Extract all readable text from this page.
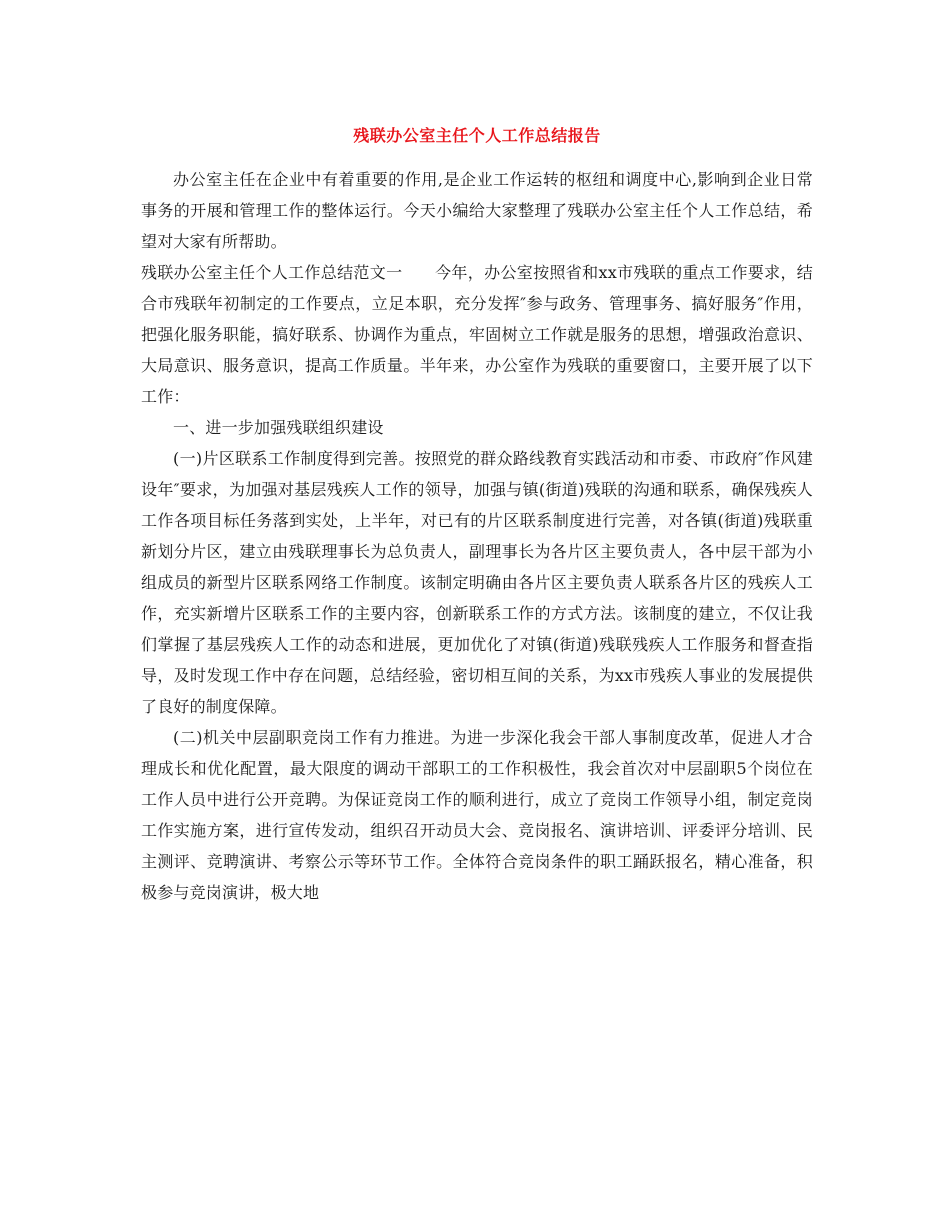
残联办公室主任个人工作总结报告

办公室主任在企业中有着重要的作用,是企业工作运转的枢纽和调度中心,影响到企业日常事务的开展和管理工作的整体运行。今天小编给大家整理了残联办公室主任个人工作总结，希望对大家有所帮助。

残联办公室主任个人工作总结范文一　　今年，办公室按照省和xx市残联的重点工作要求，结合市残联年初制定的工作要点，立足本职，充分发挥″参与政务、管理事务、搞好服务″作用，把强化服务职能，搞好联系、协调作为重点，牢固树立工作就是服务的思想，增强政治意识、大局意识、服务意识，提高工作质量。半年来，办公室作为残联的重要窗口，主要开展了以下工作：

一、进一步加强残联组织建设

(一)片区联系工作制度得到完善。按照党的群众路线教育实践活动和市委、市政府″作风建设年″要求，为加强对基层残疾人工作的领导，加强与镇(街道)残联的沟通和联系，确保残疾人工作各项目标任务落到实处，上半年，对已有的片区联系制度进行完善，对各镇(街道)残联重新划分片区，建立由残联理事长为总负责人，副理事长为各片区主要负责人，各中层干部为小组成员的新型片区联系网络工作制度。该制定明确由各片区主要负责人联系各片区的残疾人工作，充实新增片区联系工作的主要内容，创新联系工作的方式方法。该制度的建立，不仅让我们掌握了基层残疾人工作的动态和进展，更加优化了对镇(街道)残联残疾人工作服务和督查指导，及时发现工作中存在问题，总结经验，密切相互间的关系，为xx市残疾人事业的发展提供了良好的制度保障。

(二)机关中层副职竞岗工作有力推进。为进一步深化我会干部人事制度改革，促进人才合理成长和优化配置，最大限度的调动干部职工的工作积极性，我会首次对中层副职5个岗位在工作人员中进行公开竞聘。为保证竞岗工作的顺利进行，成立了竞岗工作领导小组，制定竞岗工作实施方案，进行宣传发动，组织召开动员大会、竞岗报名、演讲培训、评委评分培训、民主测评、竞聘演讲、考察公示等环节工作。全体符合竞岗条件的职工踊跃报名，精心准备，积极参与竞岗演讲，极大地
